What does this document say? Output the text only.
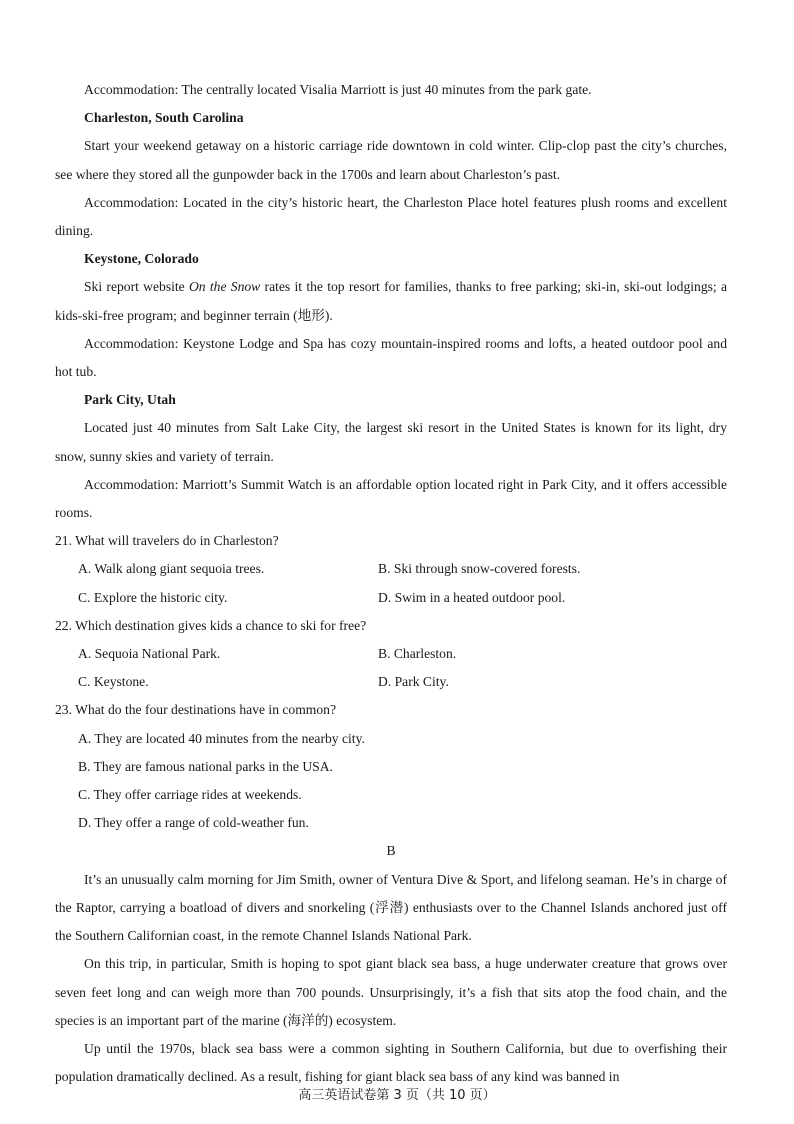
Accommodation: The centrally located Visalia Marriott is just 40 minutes from the park gate.

Charleston, South Carolina

Start your weekend getaway on a historic carriage ride downtown in cold winter. Clip-clop past the city’s churches, see where they stored all the gunpowder back in the 1700s and learn about Charleston’s past.

Accommodation: Located in the city’s historic heart, the Charleston Place hotel features plush rooms and excellent dining.

Keystone, Colorado

Ski report website On the Snow rates it the top resort for families, thanks to free parking; ski-in, ski-out lodgings; a kids-ski-free program; and beginner terrain (地形).

Accommodation: Keystone Lodge and Spa has cozy mountain-inspired rooms and lofts, a heated outdoor pool and hot tub.

Park City, Utah

Located just 40 minutes from Salt Lake City, the largest ski resort in the United States is known for its light, dry snow, sunny skies and variety of terrain.

Accommodation: Marriott’s Summit Watch is an affordable option located right in Park City, and it offers accessible rooms.

21. What will travelers do in Charleston?

A. Walk along giant sequoia trees.	B. Ski through snow-covered forests.
C. Explore the historic city.	D. Swim in a heated outdoor pool.

22. Which destination gives kids a chance to ski for free?

A. Sequoia National Park.	B. Charleston.
C. Keystone.	D. Park City.

23. What do the four destinations have in common?

A. They are located 40 minutes from the nearby city.

B. They are famous national parks in the USA.

C. They offer carriage rides at weekends.

D. They offer a range of cold-weather fun.

B

It’s an unusually calm morning for Jim Smith, owner of Ventura Dive & Sport, and lifelong seaman. He’s in charge of the Raptor, carrying a boatload of divers and snorkeling (浮潜) enthusiasts over to the Channel Islands anchored just off the Southern Californian coast, in the remote Channel Islands National Park.

On this trip, in particular, Smith is hoping to spot giant black sea bass, a huge underwater creature that grows over seven feet long and can weigh more than 700 pounds. Unsurprisingly, it’s a fish that sits atop the food chain, and the species is an important part of the marine (海洋的) ecosystem.

Up until the 1970s, black sea bass were a common sighting in Southern California, but due to overfishing their population dramatically declined. As a result, fishing for giant black sea bass of any kind was banned in

高三英语试卷第 3 页（共 10 页）
